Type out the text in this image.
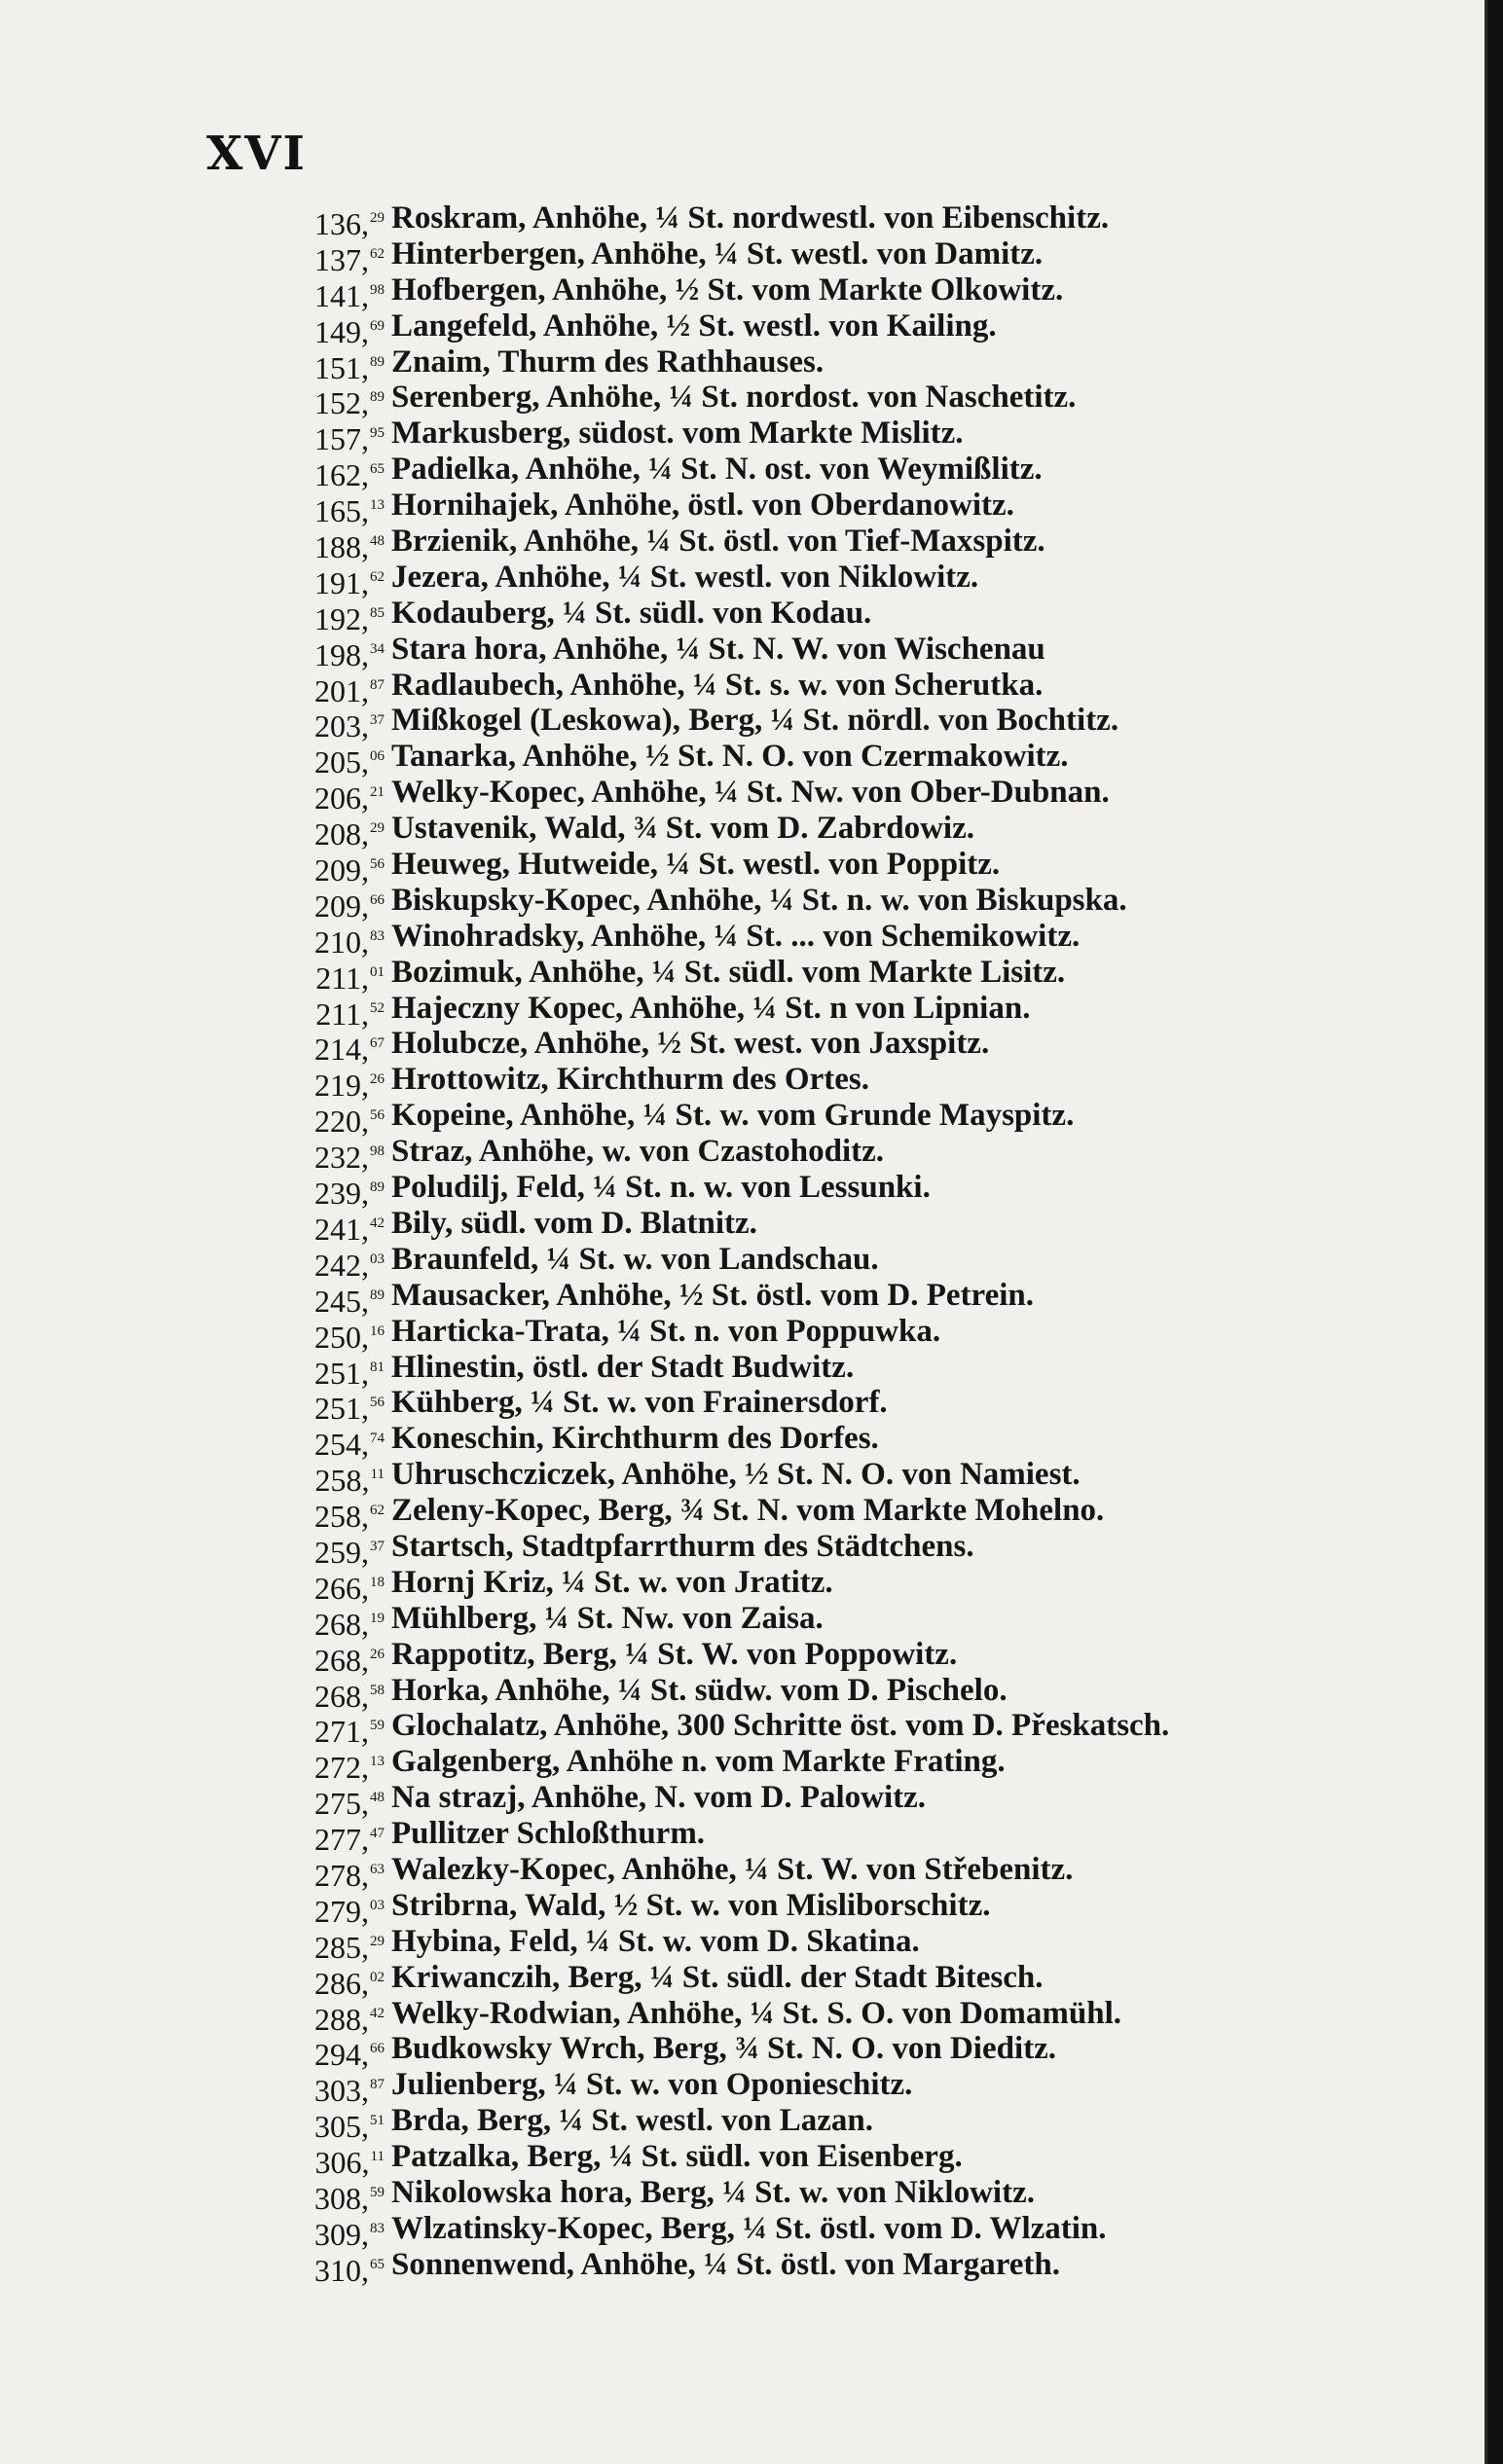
XVI
136,29 Roskram, Anhöhe, ¼ St. nordwestl. von Eibenschitz.
137,62 Hinterbergen, Anhöhe, ¼ St. westl. von Damitz.
141,98 Hofbergen, Anhöhe, ½ St. vom Markte Olkowitz.
149,69 Langefeld, Anhöhe, ½ St. westl. von Kailing.
151,89 Znaim, Thurm des Rathhauses.
152,89 Serenberg, Anhöhe, ¼ St. nordost. von Naschetitz.
157,95 Markusberg, südost. vom Markte Mislitz.
162,65 Padielka, Anhöhe, ¼ St. N. ost. von Weymißlitz.
165,13 Hornihajek, Anhöhe, östl. von Oberdanowitz.
188,48 Brzienik, Anhöhe, ¼ St. östl. von Tief-Maxspitz.
191,62 Jezera, Anhöhe, ¼ St. westl. von Niklowitz.
192,85 Kodauberg, ¼ St. südl. von Kodau.
198,34 Stara hora, Anhöhe, ¼ St. N. W. von Wischenau
201,87 Radlaubech, Anhöhe, ¼ St. s. w. von Scherutka.
203,37 Mißkogel (Leskowa), Berg, ¼ St. nördl. von Bochtitz.
205,06 Tanarka, Anhöhe, ½ St. N. O. von Czermakowitz.
206,21 Welky-Kopec, Anhöhe, ¼ St. Nw. von Ober-Dubnan.
208,29 Ustavenik, Wald, ¾ St. vom D. Zabrdowiz.
209,56 Heuweg, Hutweide, ¼ St. westl. von Poppitz.
209,66 Biskupsky-Kopec, Anhöhe, ¼ St. n. w. von Biskupska.
210,83 Winohradsky, Anhöhe, ¼ St. ... von Schemikowitz.
211,01 Bozimuk, Anhöhe, ¼ St. südl. vom Markte Lisitz.
211,52 Hajeczny Kopec, Anhöhe, ¼ St. n von Lipnian.
214,67 Holubcze, Anhöhe, ½ St. west. von Jaxspitz.
219,26 Hrottowitz, Kirchthurm des Ortes.
220,56 Kopeine, Anhöhe, ¼ St. w. vom Grunde Mayspitz.
232,98 Straz, Anhöhe, w. von Czastohoditz.
239,89 Poludilj, Feld, ¼ St. n. w. von Lessunki.
241,42 Bily, südl. vom D. Blatnitz.
242,03 Braunfeld, ¼ St. w. von Landschau.
245,89 Mausacker, Anhöhe, ½ St. östl. vom D. Petrein.
250,16 Harticka-Trata, ¼ St. n. von Poppuwka.
251,81 Hlinestin, östl. der Stadt Budwitz.
251,56 Kühberg, ¼ St. w. von Frainersdorf.
254,74 Koneschin, Kirchthurm des Dorfes.
258,11 Uhruschcziczek, Anhöhe, ½ St. N. O. von Namiest.
258,62 Zeleny-Kopec, Berg, ¾ St. N. vom Markte Mohelno.
259,37 Startsch, Stadtpfarrthurm des Städtchens.
266,18 Hornj Kriz, ¼ St. w. von Jratitz.
268,19 Mühlberg, ¼ St. Nw. von Zaisa.
268,26 Rappotitz, Berg, ¼ St. W. von Poppowitz.
268,58 Horka, Anhöhe, ¼ St. südw. vom D. Pischelo.
271,59 Glochalatz, Anhöhe, 300 Schritte öst. vom D. Přeskatsch.
272,13 Galgenberg, Anhöhe n. vom Markte Frating.
275,48 Na strazj, Anhöhe, N. vom D. Palowitz.
277,47 Pullitzer Schloßthurm.
278,63 Walezky-Kopec, Anhöhe, ¼ St. W. von Střebenitz.
279,03 Stribrna, Wald, ½ St. w. von Misliborschitz.
285,29 Hybina, Feld, ¼ St. w. vom D. Skatina.
286,02 Kriwanczih, Berg, ¼ St. südl. der Stadt Bitesch.
288,42 Welky-Rodwian, Anhöhe, ¼ St. S. O. von Domamühl.
294,66 Budkowsky Wrch, Berg, ¾ St. N. O. von Dieditz.
303,87 Julienberg, ¼ St. w. von Oponieschitz.
305,51 Brda, Berg, ¼ St. westl. von Lazan.
306,11 Patzalka, Berg, ¼ St. südl. von Eisenberg.
308,59 Nikolowska hora, Berg, ¼ St. w. von Niklowitz.
309,83 Wlzatinsky-Kopec, Berg, ¼ St. östl. vom D. Wlzatin.
310,65 Sonnenwend, Anhöhe, ¼ St. östl. von Margareth.
